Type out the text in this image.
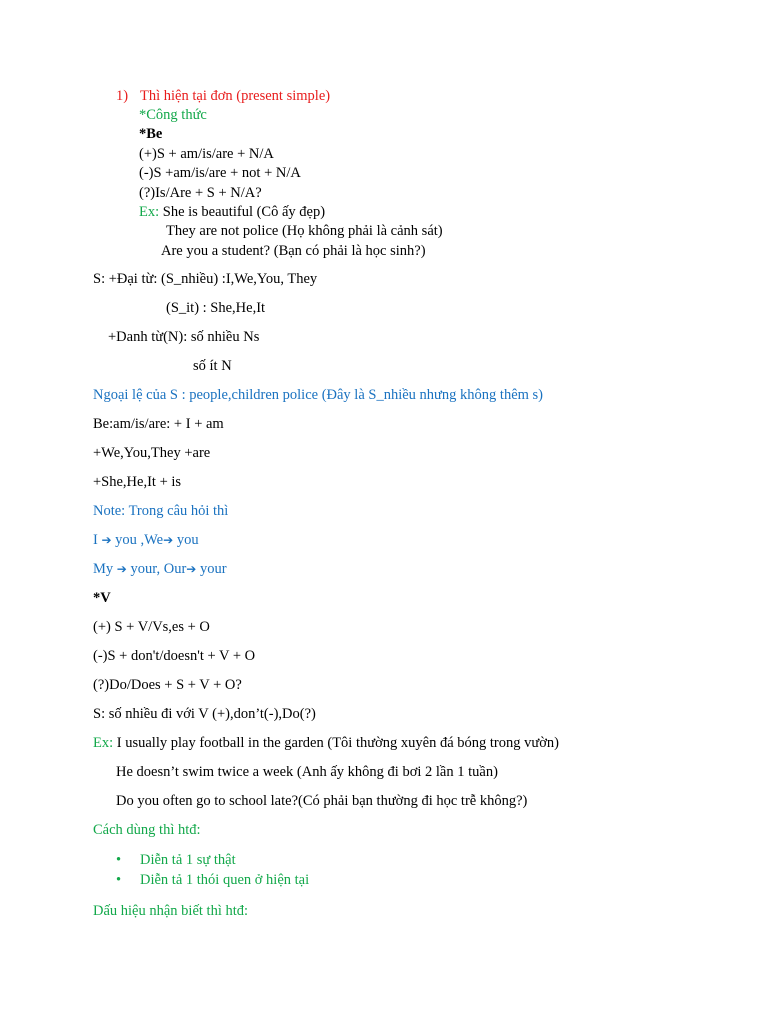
1) Thì hiện tại đơn (present simple)
*Công thức
*Be
(+)S + am/is/are + N/A
(-)S +am/is/are + not + N/A
(?)Is/Are + S + N/A?
Ex: She is beautiful (Cô ấy đẹp)
They are not police (Họ không phải là cảnh sát)
Are you a student? (Bạn có phải là học sinh?)
S: +Đại từ: (S_nhiều) :I,We,You, They
(S_it) : She,He,It
+Danh từ(N): số nhiều Ns
số ít N
Ngoại lệ của S : people,children police (Đây là S_nhiều nhưng không thêm s)
Be:am/is/are: + I + am
+We,You,They +are
+She,He,It + is
Note: Trong câu hỏi thì
I ➔ you ,We➔ you
My ➔ your, Our➔ your
*V
(+) S + V/Vs,es + O
(-)S + don't/doesn't + V + O
(?)Do/Does + S + V + O?
S: số nhiều đi với V (+),don’t(-),Do(?)
Ex: I usually play football in the garden (Tôi thường xuyên đá bóng trong vườn)
He doesn’t swim twice a week (Anh ấy không đi bơi 2 lần 1 tuần)
Do you often go to school late?(Có phải bạn thường đi học trễ không?)
Cách dùng thì htđ:
• Diễn tả 1 sự thật
• Diễn tả 1 thói quen ở hiện tại
Dấu hiệu nhận biết thì htđ:
